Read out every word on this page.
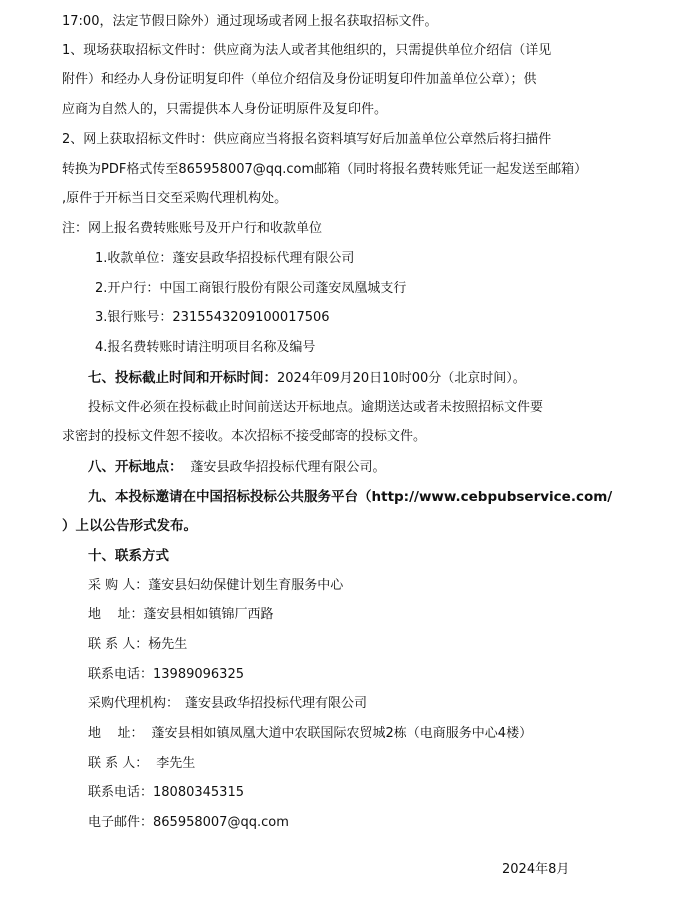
17:00，法定节假日除外）通过现场或者网上报名获取招标文件。
1、现场获取招标文件时：供应商为法人或者其他组织的，只需提供单位介绍信（详见
附件）和经办人身份证明复印件（单位介绍信及身份证明复印件加盖单位公章）；供
应商为自然人的，只需提供本人身份证明原件及复印件。
2、网上获取招标文件时：供应商应当将报名资料填写好后加盖单位公章然后将扫描件
转换为PDF格式传至865958007@qq.com邮箱（同时将报名费转账凭证一起发送至邮箱）
,原件于开标当日交至采购代理机构处。
注：网上报名费转账账号及开户行和收款单位
1.收款单位：蓬安县政华招投标代理有限公司
2.开户行：中国工商银行股份有限公司蓬安凤凰城支行
3.银行账号：2315543209100017506
4.报名费转账时请注明项目名称及编号
七、投标截止时间和开标时间：2024年09月20日10时00分（北京时间）。
投标文件必须在投标截止时间前送达开标地点。逾期送达或者未按照招标文件要
求密封的投标文件恕不接收。本次招标不接受邮寄的投标文件。
八、开标地点： 蓬安县政华招投标代理有限公司。
九、本投标邀请在中国招标投标公共服务平台（http://www.cebpubservice.com/
）上以公告形式发布。
十、联系方式
采 购 人：蓬安县妇幼保健计划生育服务中心
地    址：蓬安县相如镇锦厂西路
联 系 人：杨先生
联系电话：13989096325
采购代理机构： 蓬安县政华招投标代理有限公司
地    址： 蓬安县相如镇凤凰大道中农联国际农贸城2栋（电商服务中心4楼）
联 系 人： 李先生
联系电话：18080345315
电子邮件：865958007@qq.com
2024年8月
